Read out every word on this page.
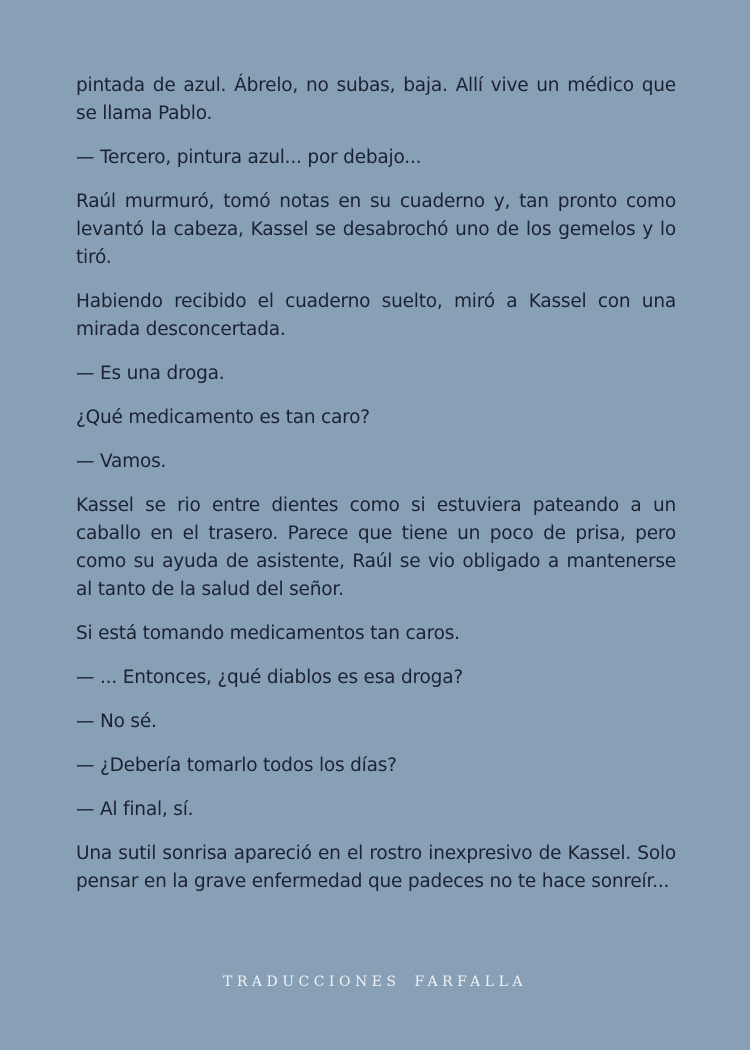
pintada de azul. Ábrelo, no subas, baja. Allí vive un médico que se llama Pablo.

— Tercero, pintura azul... por debajo...

Raúl murmuró, tomó notas en su cuaderno y, tan pronto como levantó la cabeza, Kassel se desabrochó uno de los gemelos y lo tiró.

Habiendo recibido el cuaderno suelto, miró a Kassel con una mirada desconcertada.

— Es una droga.

¿Qué medicamento es tan caro?

— Vamos.

Kassel se rio entre dientes como si estuviera pateando a un caballo en el trasero. Parece que tiene un poco de prisa, pero como su ayuda de asistente, Raúl se vio obligado a mantenerse al tanto de la salud del señor.

Si está tomando medicamentos tan caros.

— ... Entonces, ¿qué diablos es esa droga?

— No sé.

— ¿Debería tomarlo todos los días?

— Al final, sí.

Una sutil sonrisa apareció en el rostro inexpresivo de Kassel. Solo pensar en la grave enfermedad que padeces no te hace sonreír...

TRADUCCIONES FARFALLA
